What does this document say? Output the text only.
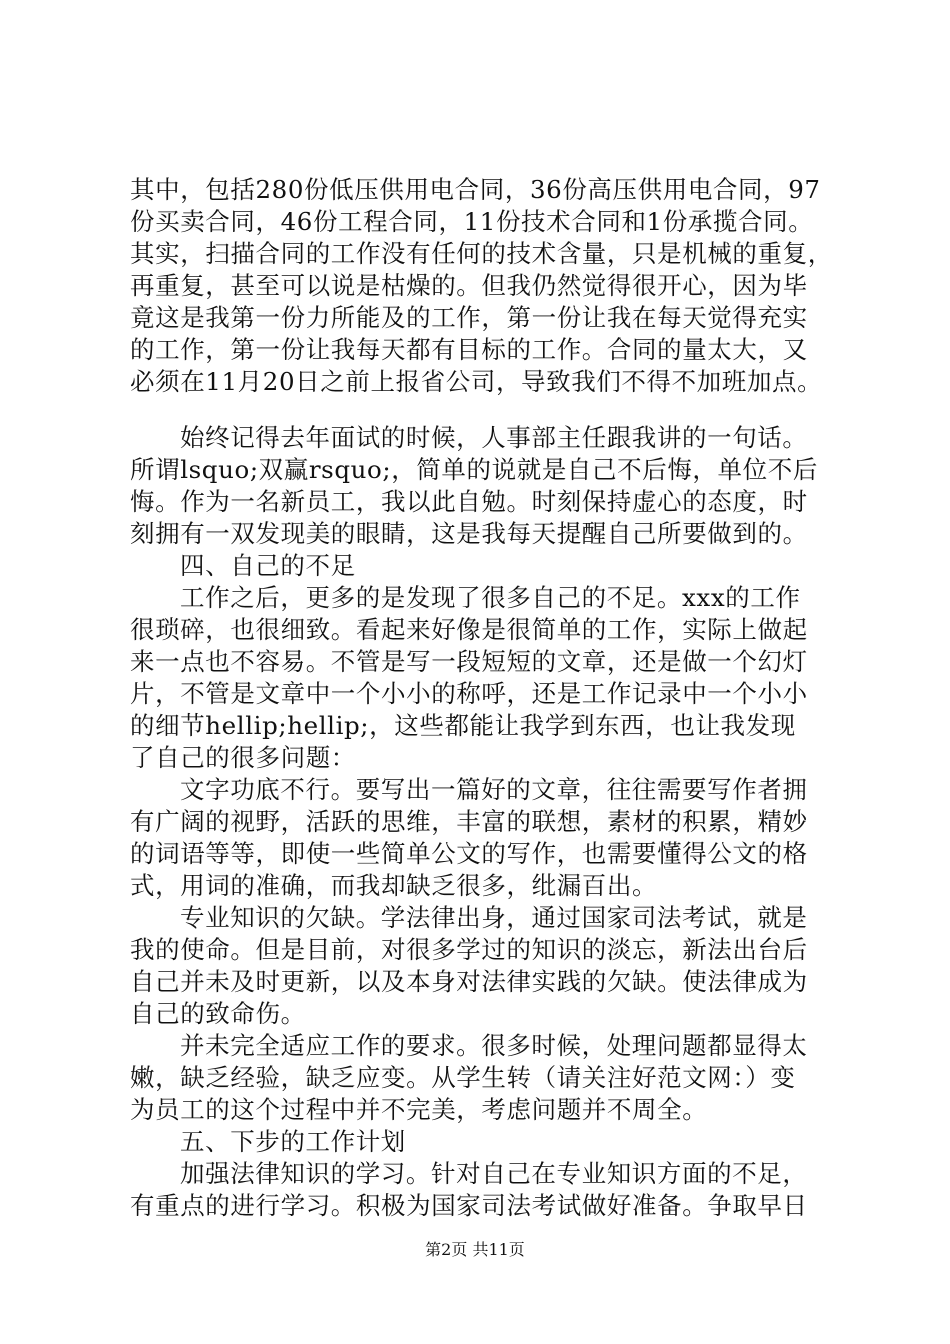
其中，包括280份低压供用电合同，36份高压供用电合同，97
份买卖合同，46份工程合同，11份技术合同和1份承揽合同。
其实，扫描合同的工作没有任何的技术含量，只是机械的重复，
再重复，甚至可以说是枯燥的。但我仍然觉得很开心，因为毕
竟这是我第一份力所能及的工作，第一份让我在每天觉得充实
的工作，第一份让我每天都有目标的工作。合同的量太大，又
必须在11月20日之前上报省公司，导致我们不得不加班加点。
始终记得去年面试的时候，人事部主任跟我讲的一句话。
所谓lsquo;双赢rsquo;，简单的说就是自己不后悔，单位不后
悔。作为一名新员工，我以此自勉。时刻保持虚心的态度，时
刻拥有一双发现美的眼睛，这是我每天提醒自己所要做到的。
四、自己的不足
工作之后，更多的是发现了很多自己的不足。xxx的工作
很琐碎，也很细致。看起来好像是很简单的工作，实际上做起
来一点也不容易。不管是写一段短短的文章，还是做一个幻灯
片，不管是文章中一个小小的称呼，还是工作记录中一个小小
的细节hellip;hellip;，这些都能让我学到东西，也让我发现
了自己的很多问题：
文字功底不行。要写出一篇好的文章，往往需要写作者拥
有广阔的视野，活跃的思维，丰富的联想，素材的积累，精妙
的词语等等，即使一些简单公文的写作，也需要懂得公文的格
式，用词的准确，而我却缺乏很多，纰漏百出。
专业知识的欠缺。学法律出身，通过国家司法考试，就是
我的使命。但是目前，对很多学过的知识的淡忘，新法出台后
自己并未及时更新，以及本身对法律实践的欠缺。使法律成为
自己的致命伤。
并未完全适应工作的要求。很多时候，处理问题都显得太
嫩，缺乏经验，缺乏应变。从学生转（请关注好范文网：）变
为员工的这个过程中并不完美，考虑问题并不周全。
五、下步的工作计划
加强法律知识的学习。针对自己在专业知识方面的不足，
有重点的进行学习。积极为国家司法考试做好准备。争取早日
第2页 共11页
